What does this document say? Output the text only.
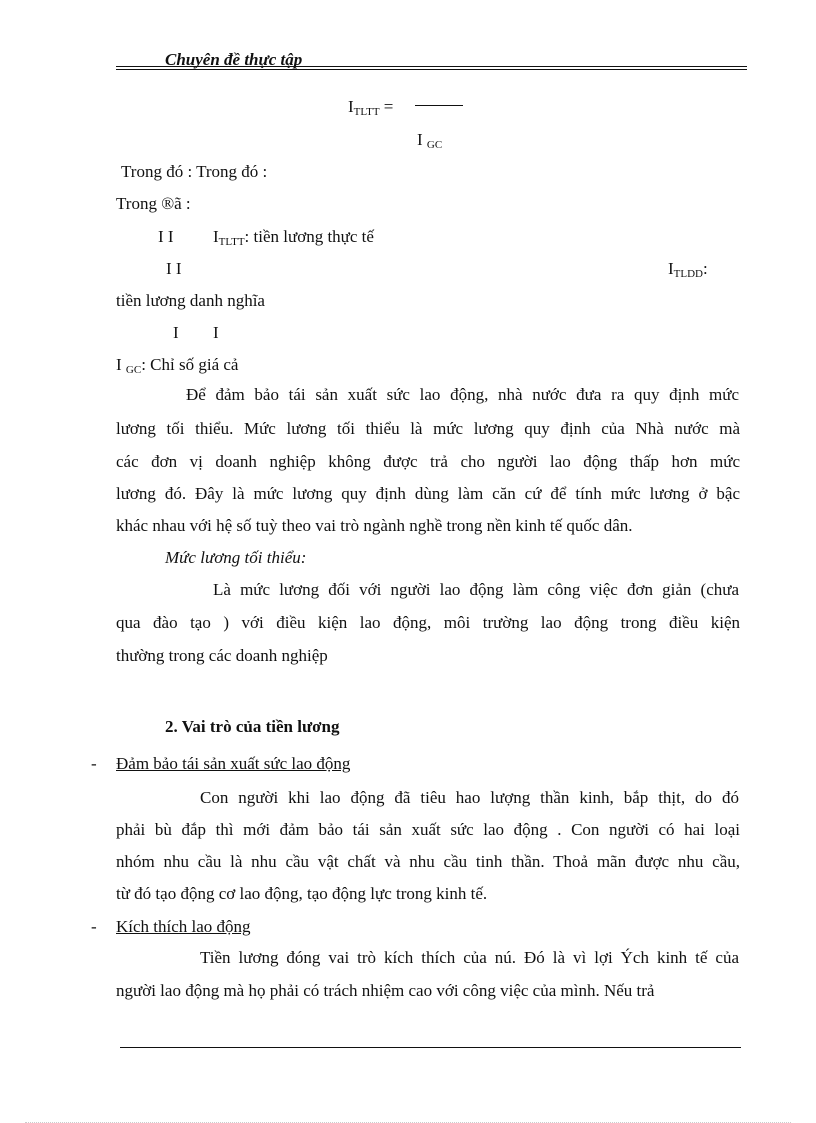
Chuyên đề thực tập
$I_{TLTT}$ =
I $_{GC}$
Trong đó : Trong đó :
Trong ®ã :
I I $I_{TLTT}$: tiền lương thực tế
I I	$I_{TLDD}$:
tiền lương danh nghĩa
I I
I $_{GC}$: Chỉ số giá cả
Để đảm bảo tái sản xuất sức lao động, nhà nước đưa ra quy định mức
lương tối thiểu. Mức lương tối thiểu là mức lương quy định của Nhà nước mà
các đơn vị doanh nghiệp không được trả cho người lao động thấp hơn mức
lương đó. Đây là mức lương quy định dùng làm căn cứ để tính mức lương ở bậc
khác nhau với hệ số tuỳ theo vai trò ngành nghề trong nền kinh tế quốc dân.
Mức lương tối thiểu:
Là mức lương đối với người lao động làm công việc đơn giản (chưa
qua đào tạo ) với điều kiện lao động, môi trường lao động trong điều kiện
thường trong các doanh nghiệp
2. Vai trò của tiền lương
- Đảm bảo tái sản xuất sức lao động
Con người khi lao động đã tiêu hao lượng thần kinh, bắp thịt, do đó
phải bù đắp thì mới đảm bảo tái sản xuất sức lao động . Con người có hai loại
nhóm nhu cầu là nhu cầu vật chất và nhu cầu tinh thần. Thoả mãn được nhu cầu,
từ đó tạo động cơ lao động, tạo động lực trong kinh tế.
- Kích thích lao động
Tiền lương đóng vai trò kích thích của nú. Đó là vì lợi Ých kinh tế của
người lao động mà họ phải có trách nhiệm cao với công việc của mình. Nếu trả
